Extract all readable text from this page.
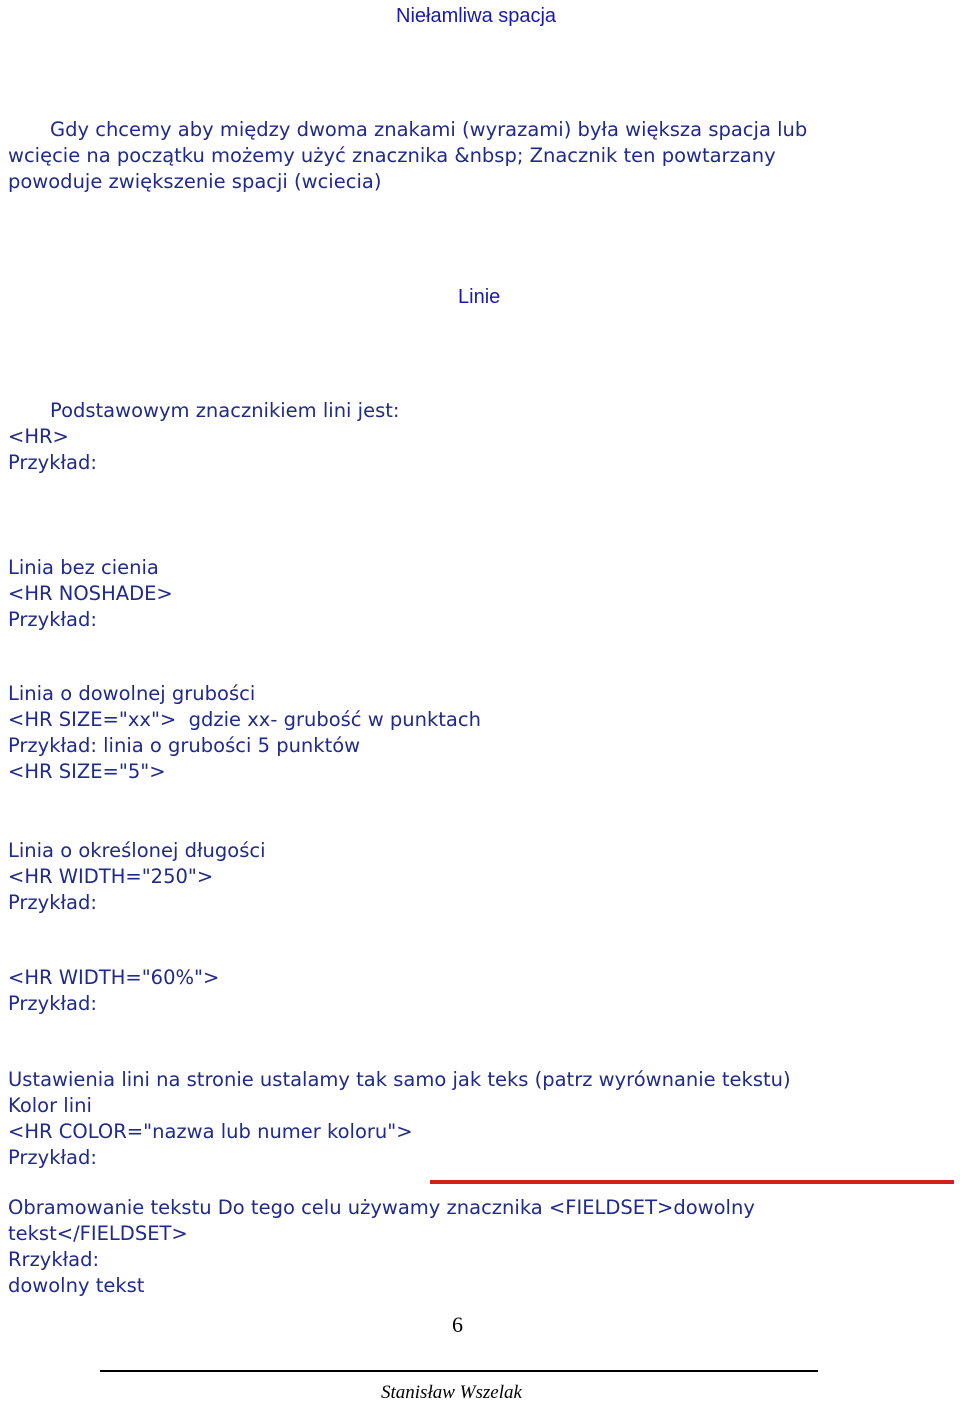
Niełamliwa spacja
Gdy chcemy aby między dwoma znakami (wyrazami) była większa spacja lub
wcięcie na początku możemy użyć znacznika &nbsp; Znacznik ten powtarzany
powoduje zwiększenie spacji (wciecia)
Linie
Podstawowym znacznikiem lini jest:
<HR>
Przykład:
Linia bez cienia
<HR NOSHADE>
Przykład:
Linia o dowolnej grubości
<HR SIZE="xx">  gdzie xx- grubość w punktach
Przykład: linia o grubości 5 punktów
<HR SIZE="5">
Linia o określonej długości
<HR WIDTH="250">
Przykład:
<HR WIDTH="60%">
Przykład:
Ustawienia lini na stronie ustalamy tak samo jak teks (patrz wyrównanie tekstu)
Kolor lini
<HR COLOR="nazwa lub numer koloru">
Przykład:
Obramowanie tekstu Do tego celu używamy znacznika <FIELDSET>dowolny
tekst</FIELDSET>
Rrzykład:
dowolny tekst
6
Stanisław Wszelak
